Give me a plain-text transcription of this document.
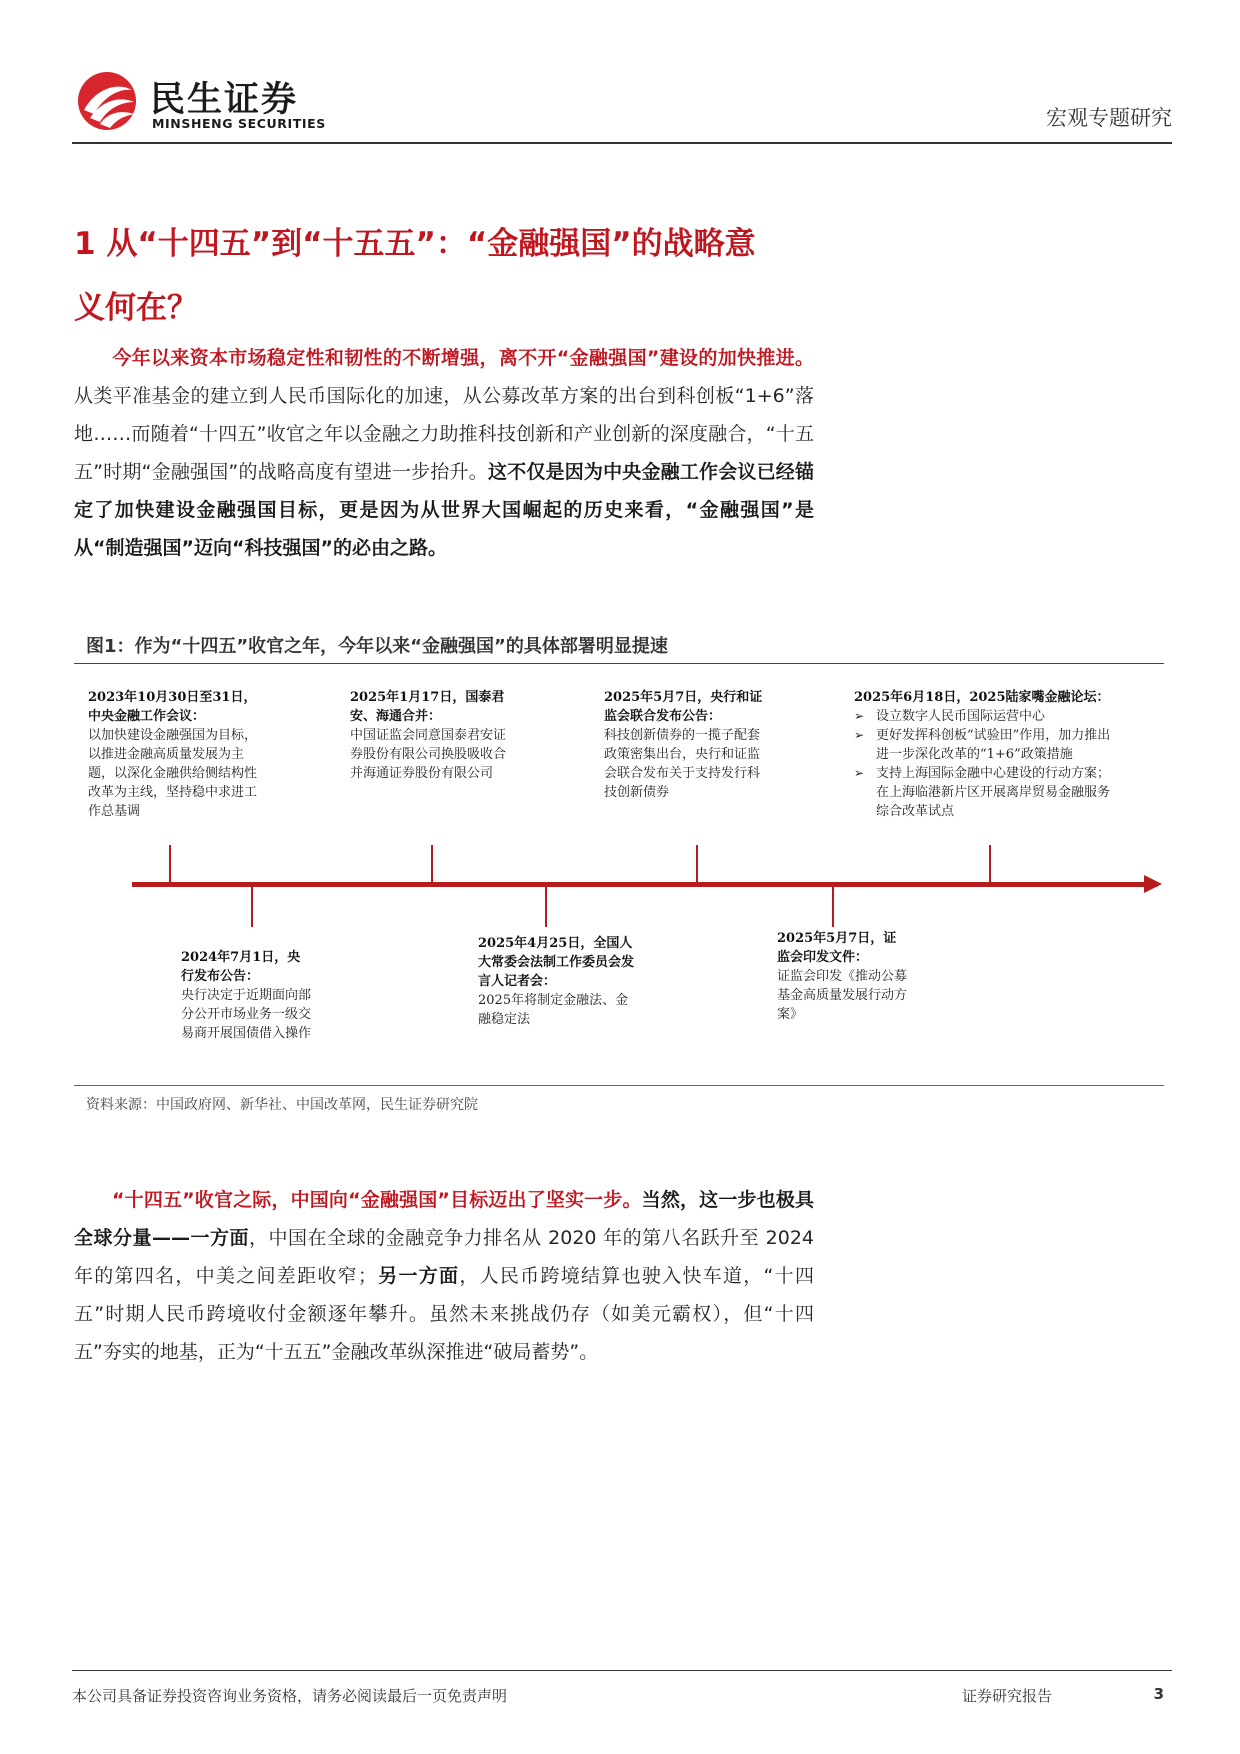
民生证券
MINSHENG SECURITIES	宏观专题研究
1 从“十四五”到“十五五”：“金融强国”的战略意
义何在？
今年以来资本市场稳定性和韧性的不断增强，离不开“金融强国”建设的加快推进。从类平准基金的建立到人民币国际化的加速，从公募改革方案的出台到科创板“1+6”落地……而随着“十四五”收官之年以金融之力助推科技创新和产业创新的深度融合，“十五五”时期“金融强国”的战略高度有望进一步抬升。这不仅是因为中央金融工作会议已经锚定了加快建设金融强国目标，更是因为从世界大国崛起的历史来看，“金融强国”是从“制造强国”迈向“科技强国”的必由之路。
图1：作为“十四五”收官之年，今年以来“金融强国”的具体部署明显提速
2023年10月30日至31日，中央金融工作会议：
以加快建设金融强国为目标，以推进金融高质量发展为主题，以深化金融供给侧结构性改革为主线，坚持稳中求进工作总基调
2025年1月17日，国泰君安、海通合并：
中国证监会同意国泰君安证券股份有限公司换股吸收合并海通证券股份有限公司
2025年5月7日，央行和证监会联合发布公告：
科技创新债券的一揽子配套政策密集出台，央行和证监会联合发布关于支持发行科技创新债券
2025年6月18日，2025陆家嘴金融论坛：
➢ 设立数字人民币国际运营中心
➢ 更好发挥科创板“试验田”作用，加力推出进一步深化改革的“1+6”政策措施
➢ 支持上海国际金融中心建设的行动方案；在上海临港新片区开展离岸贸易金融服务综合改革试点
2024年7月1日，央行发布公告：
央行决定于近期面向部分公开市场业务一级交易商开展国债借入操作
2025年4月25日，全国人大常委会法制工作委员会发言人记者会：
2025年将制定金融法、金融稳定法
2025年5月7日，证监会印发文件：
证监会印发《推动公募基金高质量发展行动方案》
资料来源：中国政府网、新华社、中国改革网，民生证券研究院
“十四五”收官之际，中国向“金融强国”目标迈出了坚实一步。当然，这一步也极具全球分量——一方面，中国在全球的金融竞争力排名从 2020 年的第八名跃升至 2024 年的第四名，中美之间差距收窄；另一方面，人民币跨境结算也驶入快车道，“十四五”时期人民币跨境收付金额逐年攀升。虽然未来挑战仍存（如美元霸权），但“十四五”夯实的地基，正为“十五五”金融改革纵深推进“破局蓄势”。
本公司具备证券投资咨询业务资格，请务必阅读最后一页免责声明	证券研究报告	3
